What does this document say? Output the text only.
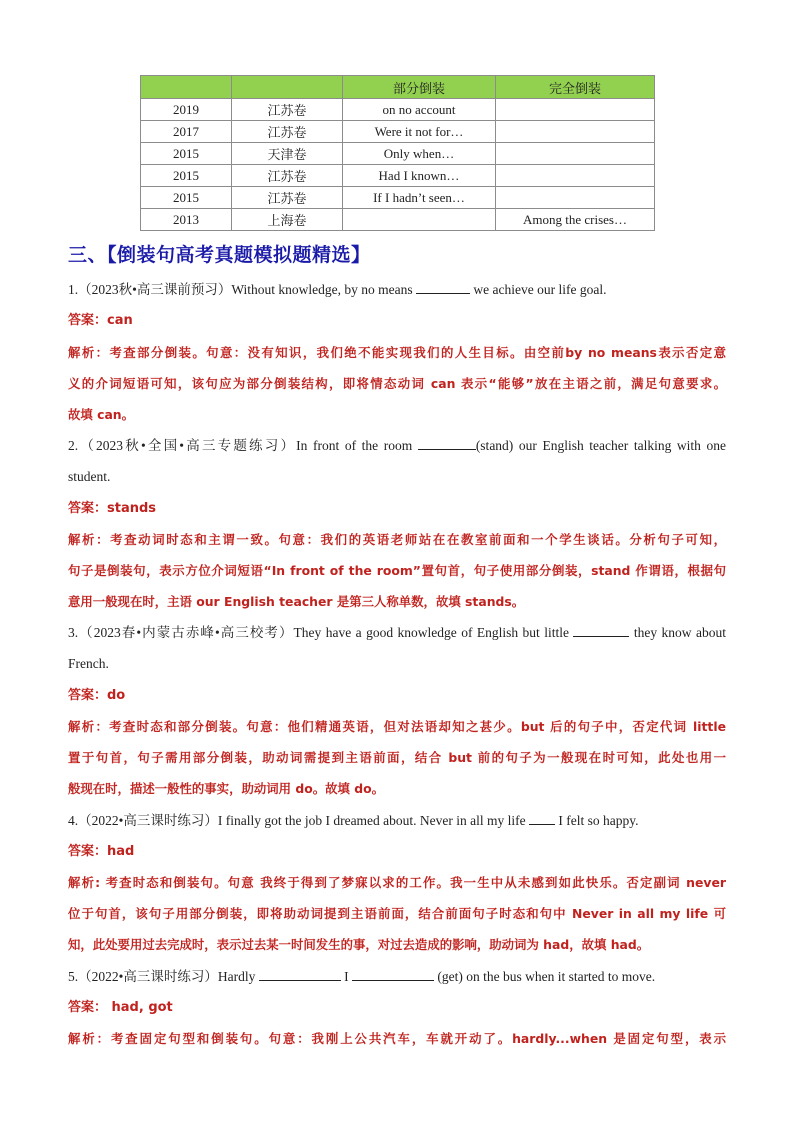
		部分倒装	完全倒装
2019	江苏卷	on no account	
2017	江苏卷	Were it not for…	
2015	天津卷	Only when…	
2015	江苏卷	Had I known…	
2015	江苏卷	If I hadn’t seen…	
2013	上海卷		Among the crises…
三、【倒装句高考真题模拟题精选】
1.（2023秋•高三课前预习）Without knowledge, by no means	we achieve our life goal.
答案：can
解析：考查部分倒装。句意：没有知识，我们绝不能实现我们的人生目标。由空前by no means表示否定意
义的介词短语可知，该句应为部分倒装结构，即将情态动词 can 表示“能够”放在主语之前，满足句意要求。
故填 can。
2.（2023秋•全国•高三专题练习）In front of the room	(stand) our English teacher talking with one
student.
答案：stands
解析：考查动词时态和主谓一致。句意：我们的英语老师站在在教室前面和一个学生谈话。分析句子可知，
句子是倒装句，表示方位介词短语“In front of the room”置句首，句子使用部分倒装，stand 作谓语，根据句
意用一般现在时，主语 our English teacher 是第三人称单数，故填 stands。
3.（2023春•内蒙古赤峰•高三校考）They have a good knowledge of English but little	they know about
French.
答案：do
解析：考查时态和部分倒装。句意：他们精通英语，但对法语却知之甚少。but 后的句子中，否定代词 little
置于句首，句子需用部分倒装，助动词需提到主语前面，结合 but 前的句子为一般现在时可知，此处也用一
般现在时，描述一般性的事实，助动词用 do。故填 do。
4.（2022•高三课时练习）I finally got the job I dreamed about. Never in all my life  I felt so happy.
答案：had
解析: 考查时态和倒装句。句意 我终于得到了梦寐以求的工作。我一生中从未感到如此快乐。否定副词 never
位于句首，该句子用部分倒装，即将助动词提到主语前面，结合前面句子时态和句中 Never in all my life 可
知，此处要用过去完成时，表示过去某一时间发生的事，对过去造成的影响，助动词为 had，故填 had。
5.（2022•高三课时练习）Hardly	I	(get) on the bus when it started to move.
答案： had, got
解析：考查固定句型和倒装句。句意：我刚上公共汽车，车就开动了。hardly...when 是固定句型，表示
